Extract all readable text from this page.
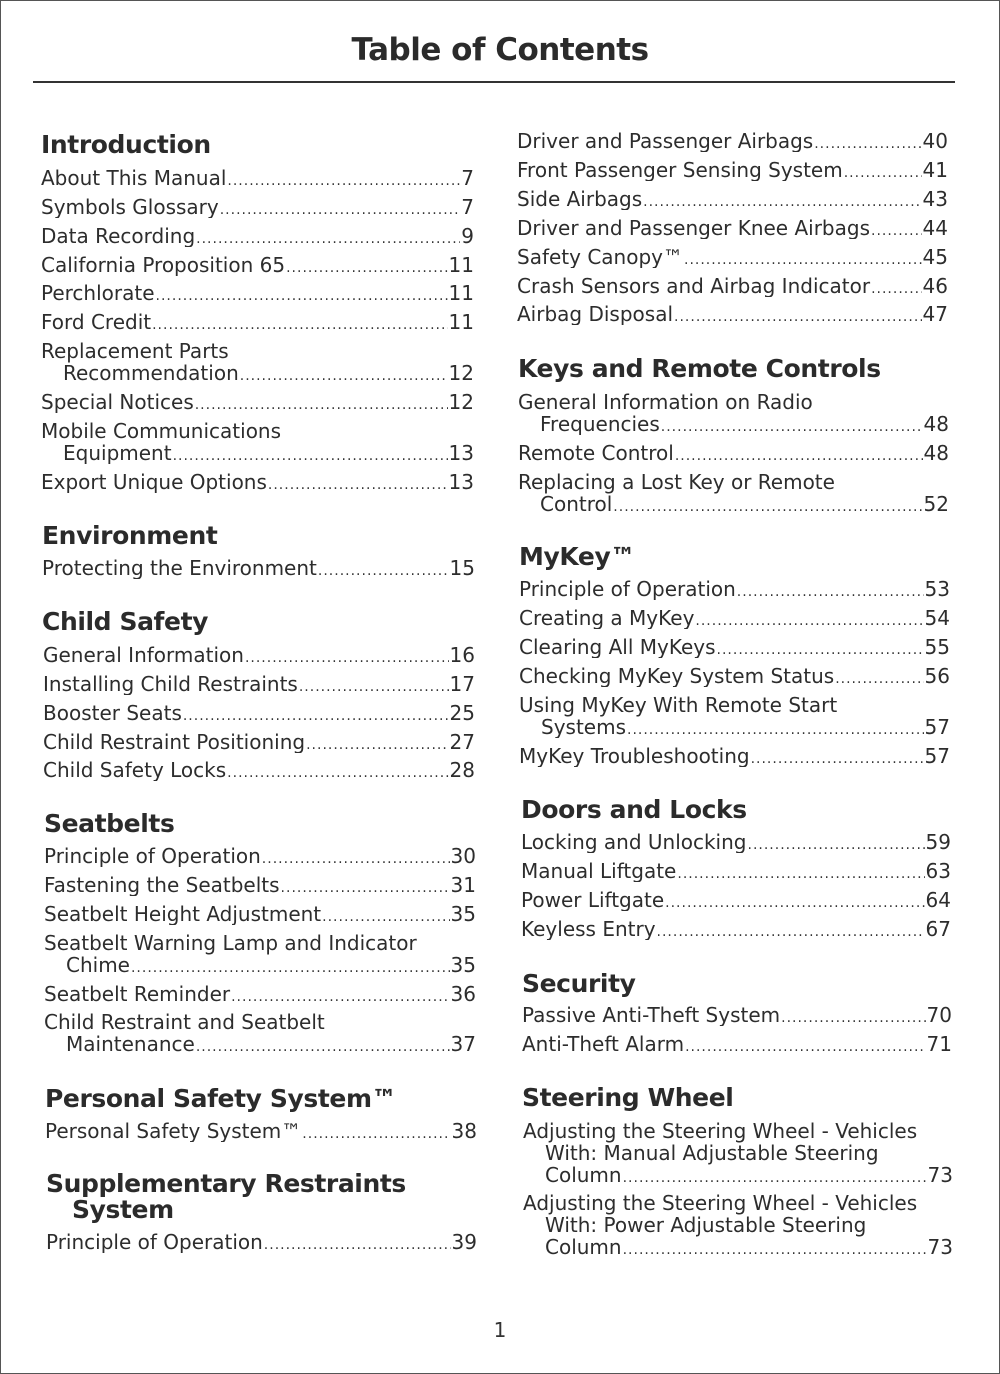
Table of Contents
Introduction
About This Manual .....	7
Symbols Glossary .....	7
Data Recording .....	9
California Proposition 65 .....	11
Perchlorate .....	11
Ford Credit .....	11
Replacement Parts
Recommendation .....	12
Special Notices .....	12
Mobile Communications
Equipment .....	13
Export Unique Options .....	13
Environment
Protecting the Environment .....	15
Child Safety
General Information .....	16
Installing Child Restraints .....	17
Booster Seats .....	25
Child Restraint Positioning .....	27
Child Safety Locks .....	28
Seatbelts
Principle of Operation .....	30
Fastening the Seatbelts .....	31
Seatbelt Height Adjustment .....	35
Seatbelt Warning Lamp and Indicator
Chime .....	35
Seatbelt Reminder .....	36
Child Restraint and Seatbelt
Maintenance .....	37
Personal Safety System™
Personal Safety System™ .....	38
Supplementary Restraints
System
Principle of Operation .....	39
Driver and Passenger Airbags .....	40
Front Passenger Sensing System .....	41
Side Airbags .....	43
Driver and Passenger Knee Airbags .....	44
Safety Canopy™ .....	45
Crash Sensors and Airbag Indicator .....	46
Airbag Disposal .....	47
Keys and Remote Controls
General Information on Radio
Frequencies .....	48
Remote Control .....	48
Replacing a Lost Key or Remote
Control .....	52
MyKey™
Principle of Operation .....	53
Creating a MyKey .....	54
Clearing All MyKeys .....	55
Checking MyKey System Status .....	56
Using MyKey With Remote Start
Systems .....	57
MyKey Troubleshooting .....	57
Doors and Locks
Locking and Unlocking .....	59
Manual Liftgate .....	63
Power Liftgate .....	64
Keyless Entry .....	67
Security
Passive Anti-Theft System .....	70
Anti-Theft Alarm .....	71
Steering Wheel
Adjusting the Steering Wheel - Vehicles
With: Manual Adjustable Steering
Column .....	73
Adjusting the Steering Wheel - Vehicles
With: Power Adjustable Steering
Column .....	73
1
